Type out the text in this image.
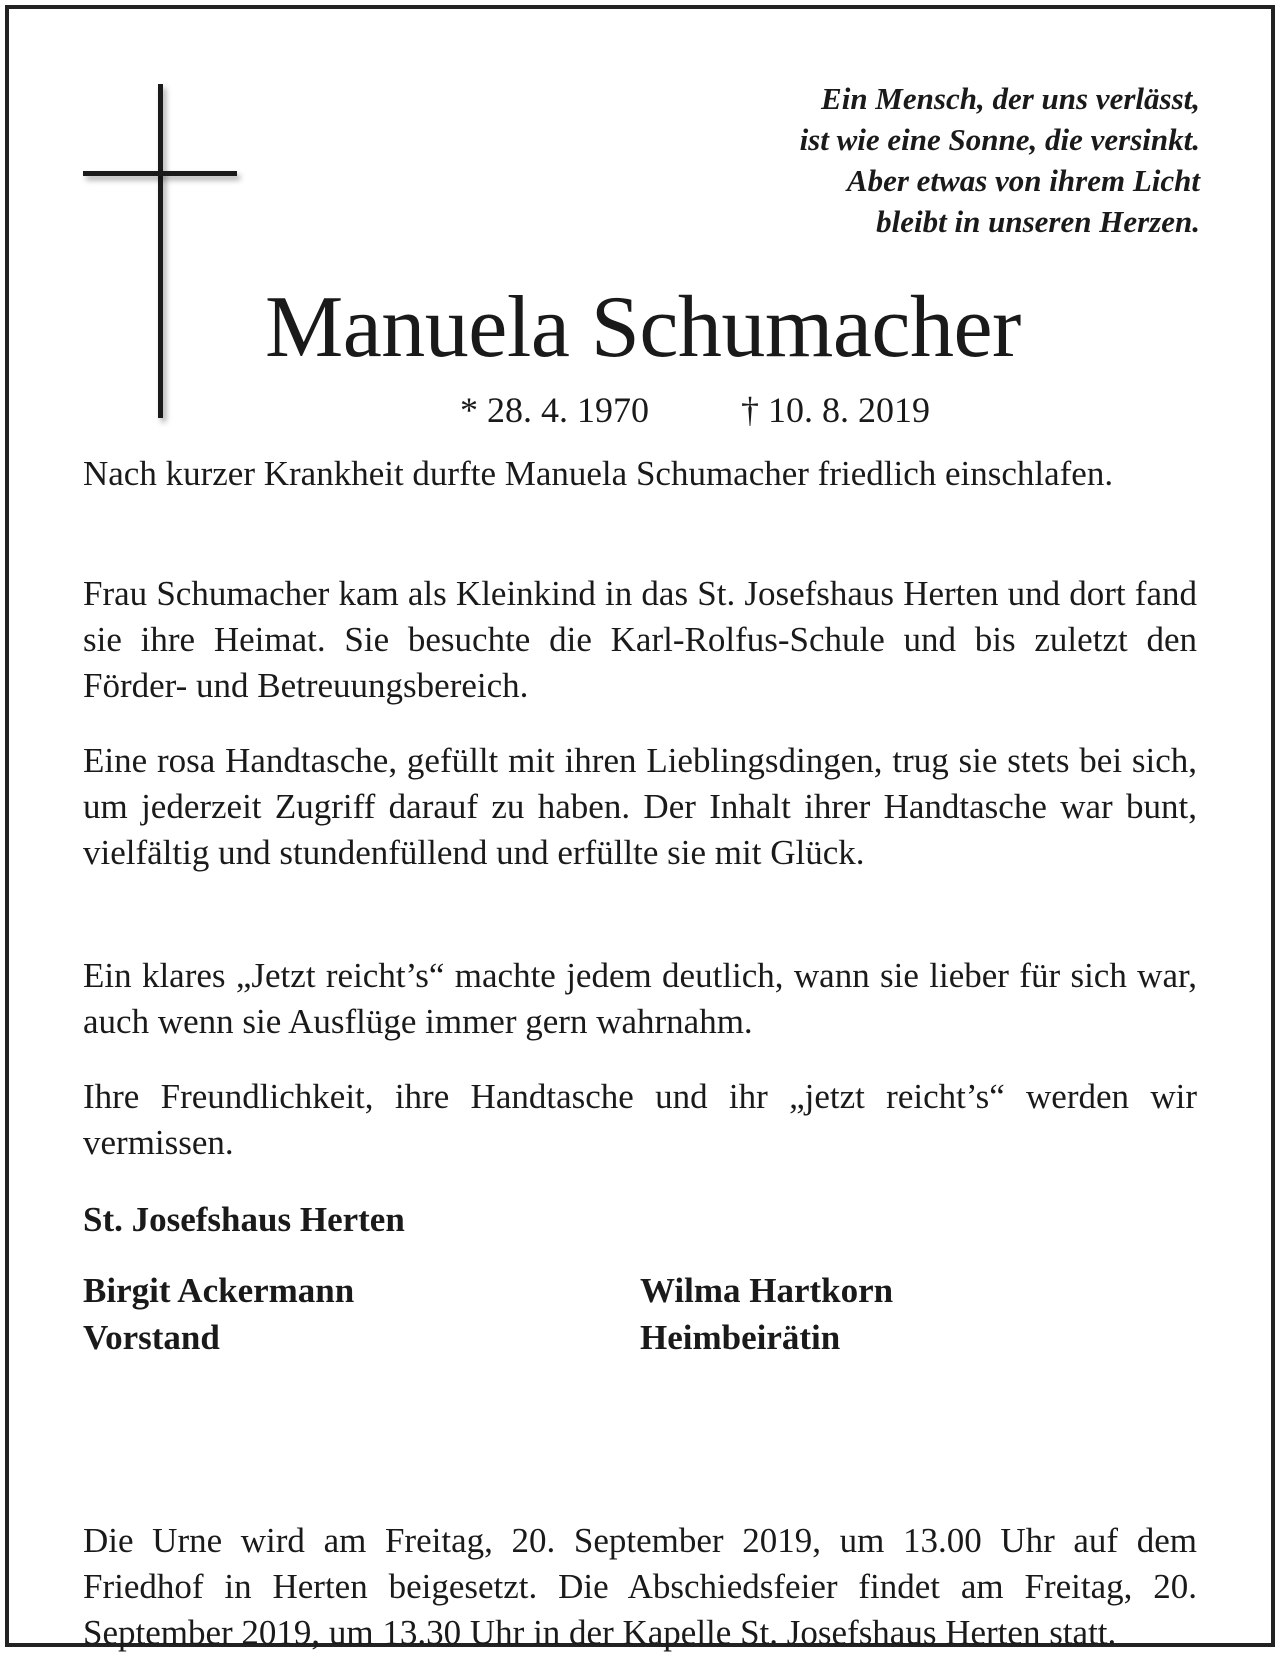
Ein Mensch, der uns verlässt,
ist wie eine Sonne, die versinkt.
Aber etwas von ihrem Licht
bleibt in unseren Herzen.

Manuela Schumacher
* 28. 4. 1970	† 10. 8. 2019

Nach kurzer Krankheit durfte Manuela Schumacher friedlich einschlafen.

Frau Schumacher kam als Kleinkind in das St. Josefshaus Herten und dort fand sie ihre Heimat. Sie besuchte die Karl-Rolfus-Schule und bis zuletzt den Förder- und Betreuungsbereich.

Eine rosa Handtasche, gefüllt mit ihren Lieblingsdingen, trug sie stets bei sich, um jederzeit Zugriff darauf zu haben. Der Inhalt ihrer Handtasche war bunt, vielfältig und stundenfüllend und erfüllte sie mit Glück.

Ein klares „Jetzt reicht’s“ machte jedem deutlich, wann sie lieber für sich war, auch wenn sie Ausflüge immer gern wahrnahm.

Ihre Freundlichkeit, ihre Handtasche und ihr „jetzt reicht’s“ werden wir vermissen.

St. Josefshaus Herten
Birgit Ackermann
Vorstand
Wilma Hartkorn
Heimbeirätin

Die Urne wird am Freitag, 20. September 2019, um 13.00 Uhr auf dem Friedhof in Herten beigesetzt. Die Abschiedsfeier findet am Freitag, 20. September 2019, um 13.30 Uhr in der Kapelle St. Josefshaus Herten statt.
